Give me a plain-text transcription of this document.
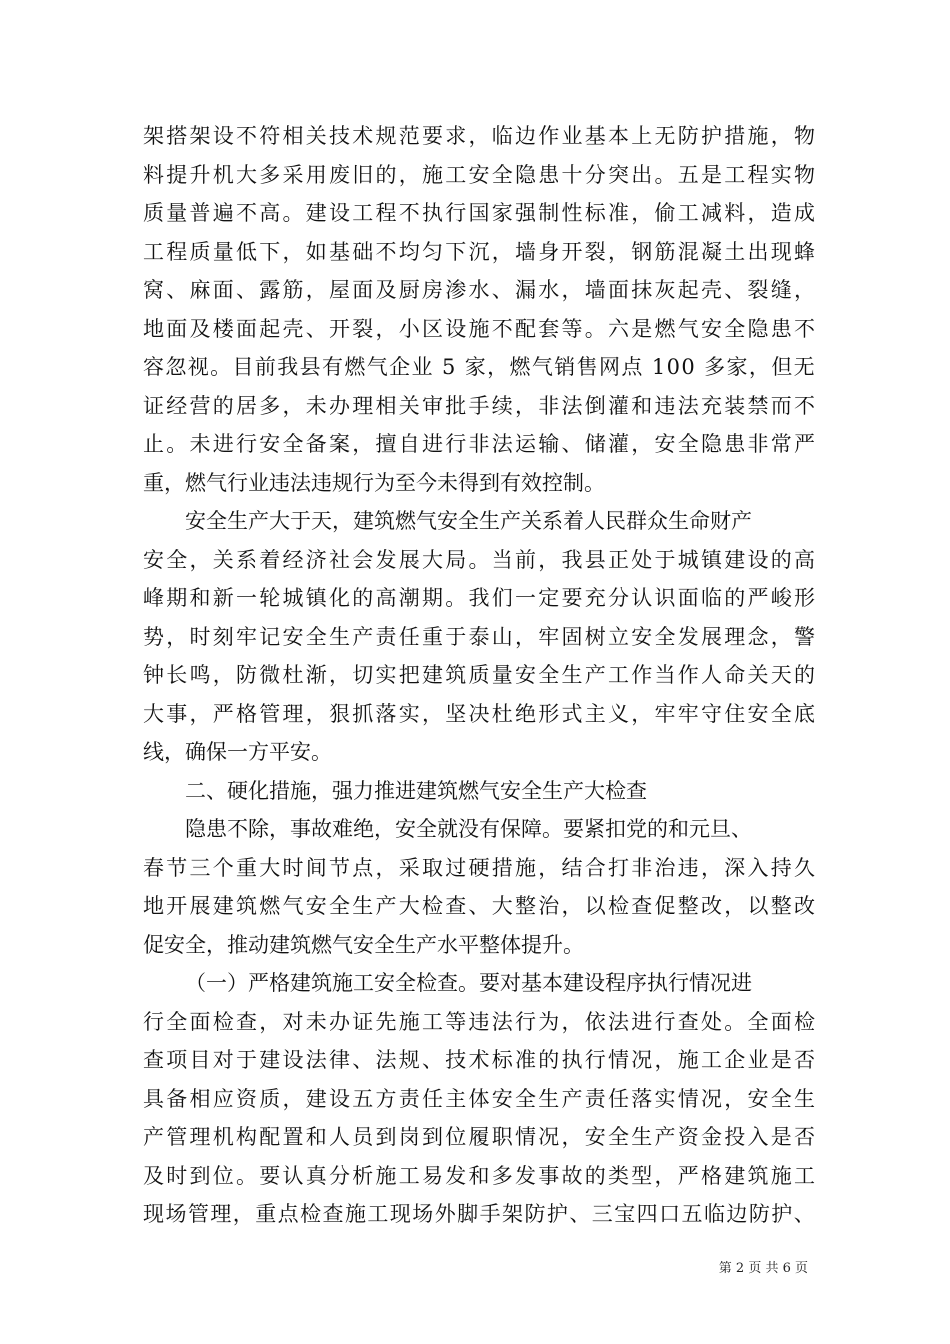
架 搭 架 设 不 符 相 关 技 术 规 范 要 求 ， 临 边 作 业 基 本 上 无 防 护 措 施 ， 物
料 提 升 机 大 多 采 用 废 旧 的 ， 施 工 安 全 隐 患 十 分 突 出 。 五 是 工 程 实 物
质 量 普 遍 不 高 。 建 设 工 程 不 执 行 国 家 强 制 性 标 准 ， 偷 工 减 料 ， 造 成
工 程 质 量 低 下 ， 如 基 础 不 均 匀 下 沉 ， 墙 身 开 裂 ， 钢 筋 混 凝 土 出 现 蜂
窝 、 麻 面 、 露 筋 ， 屋 面 及 厨 房 渗 水 、 漏 水 ， 墙 面 抹 灰 起 壳 、 裂 缝 ，
地 面 及 楼 面 起 壳 、 开 裂 ， 小 区 设 施 不 配 套 等 。 六 是 燃 气 安 全 隐 患 不
容 忽 视 。 目 前 我 县 有 燃 气 企 业
5
家 ， 燃 气 销 售 网 点
1 0 0
多 家 ， 但 无
证 经 营 的 居 多 ， 未 办 理 相 关 审 批 手 续 ， 非 法 倒 灌 和 违 法 充 装 禁 而 不
止 。 未 进 行 安 全 备 案 ， 擅 自 进 行 非 法 运 输 、 储 灌 ， 安 全 隐 患 非 常 严
重，燃气行业违法违规行为至今未得到有效控制。
安全生产大于天，建筑燃气安全生产关系着人民群众生命财产
安 全 ， 关 系 着 经 济 社 会 发 展 大 局 。 当 前 ， 我 县 正 处 于 城 镇 建 设 的 高
峰 期 和 新 一 轮 城 镇 化 的 高 潮 期 。 我 们 一 定 要 充 分 认 识 面 临 的 严 峻 形
势 ， 时 刻 牢 记 安 全 生 产 责 任 重 于 泰 山 ， 牢 固 树 立 安 全 发 展 理 念 ， 警
钟 长 鸣 ， 防 微 杜 渐 ， 切 实 把 建 筑 质 量 安 全 生 产 工 作 当 作 人 命 关 天 的
大 事 ， 严 格 管 理 ， 狠 抓 落 实 ， 坚 决 杜 绝 形 式 主 义 ， 牢 牢 守 住 安 全 底
线，确保一方平安。
二、硬化措施，强力推进建筑燃气安全生产大检查
隐患不除，事故难绝，安全就没有保障。要紧扣党的和元旦、
春 节 三 个 重 大 时 间 节 点 ， 采 取 过 硬 措 施 ， 结 合 打 非 治 违 ， 深 入 持 久
地 开 展 建 筑 燃 气 安 全 生 产 大 检 查 、 大 整 治 ， 以 检 查 促 整 改 ， 以 整 改
促安全，推动建筑燃气安全生产水平整体提升。
（一）严格建筑施工安全检查。要对基本建设程序执行情况进
行 全 面 检 查 ， 对 未 办 证 先 施 工 等 违 法 行 为 ， 依 法 进 行 查 处 。 全 面 检
查 项 目 对 于 建 设 法 律 、 法 规 、 技 术 标 准 的 执 行 情 况 ， 施 工 企 业 是 否
具 备 相 应 资 质 ， 建 设 五 方 责 任 主 体 安 全 生 产 责 任 落 实 情 况 ， 安 全 生
产 管 理 机 构 配 置 和 人 员 到 岗 到 位 履 职 情 况 ， 安 全 生 产 资 金 投 入 是 否
及 时 到 位 。 要 认 真 分 析 施 工 易 发 和 多 发 事 故 的 类 型 ， 严 格 建 筑 施 工
现 场 管 理 ， 重 点 检 查 施 工 现 场 外 脚 手 架 防 护 、 三 宝 四 口 五 临 边 防 护 、
第 2 页 共 6 页
